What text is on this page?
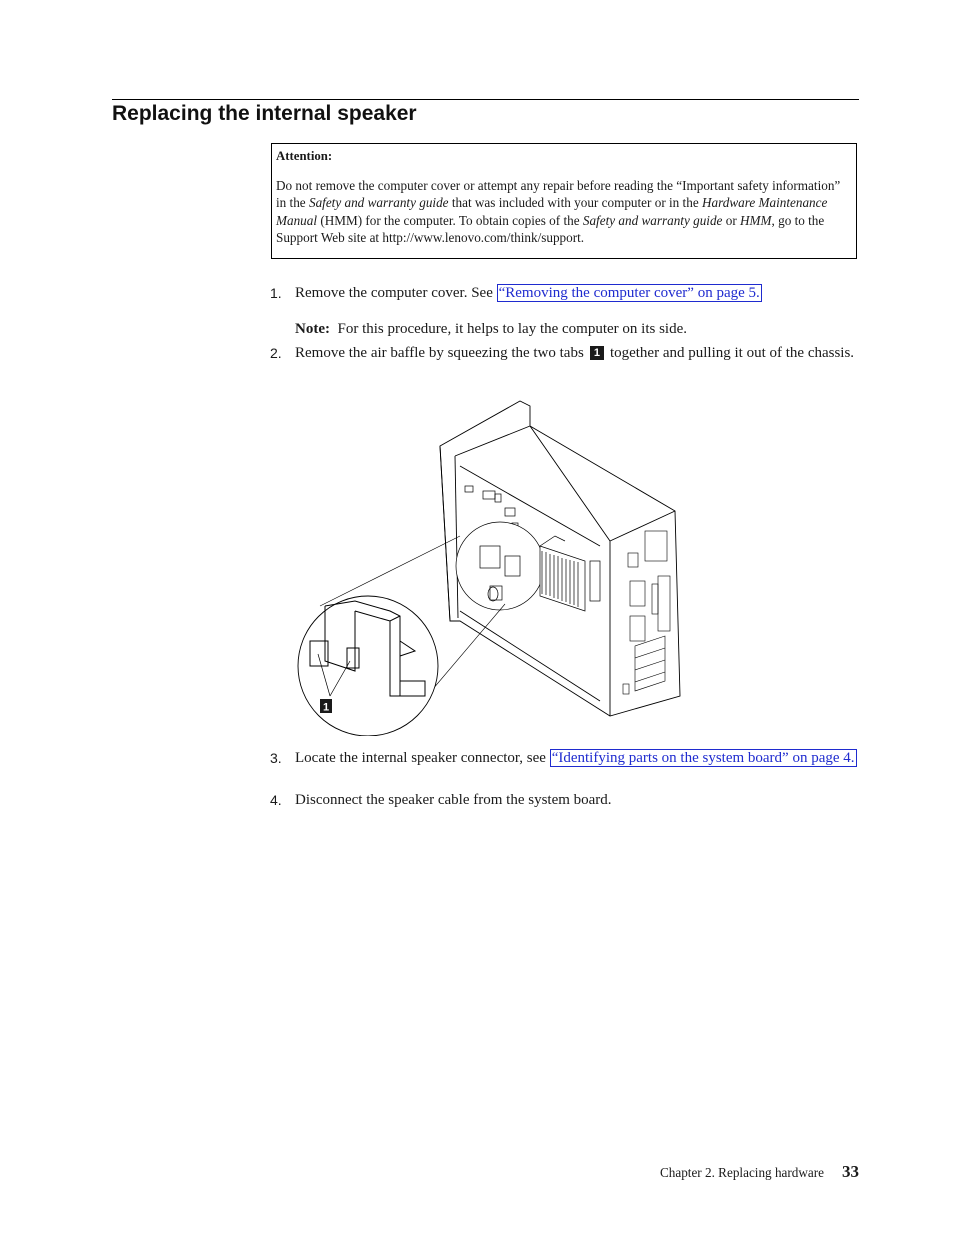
Replacing the internal speaker
Attention:

Do not remove the computer cover or attempt any repair before reading the “Important safety information” in the Safety and warranty guide that was included with your computer or in the Hardware Maintenance Manual (HMM) for the computer. To obtain copies of the Safety and warranty guide or HMM, go to the Support Web site at http://www.lenovo.com/think/support.

1. Remove the computer cover. See “Removing the computer cover” on page 5.
Note: For this procedure, it helps to lay the computer on its side.
2. Remove the air baffle by squeezing the two tabs 1 together and pulling it out of the chassis.
1
3. Locate the internal speaker connector, see “Identifying parts on the system board” on page 4.
4. Disconnect the speaker cable from the system board.
Chapter 2. Replacing hardware 33
